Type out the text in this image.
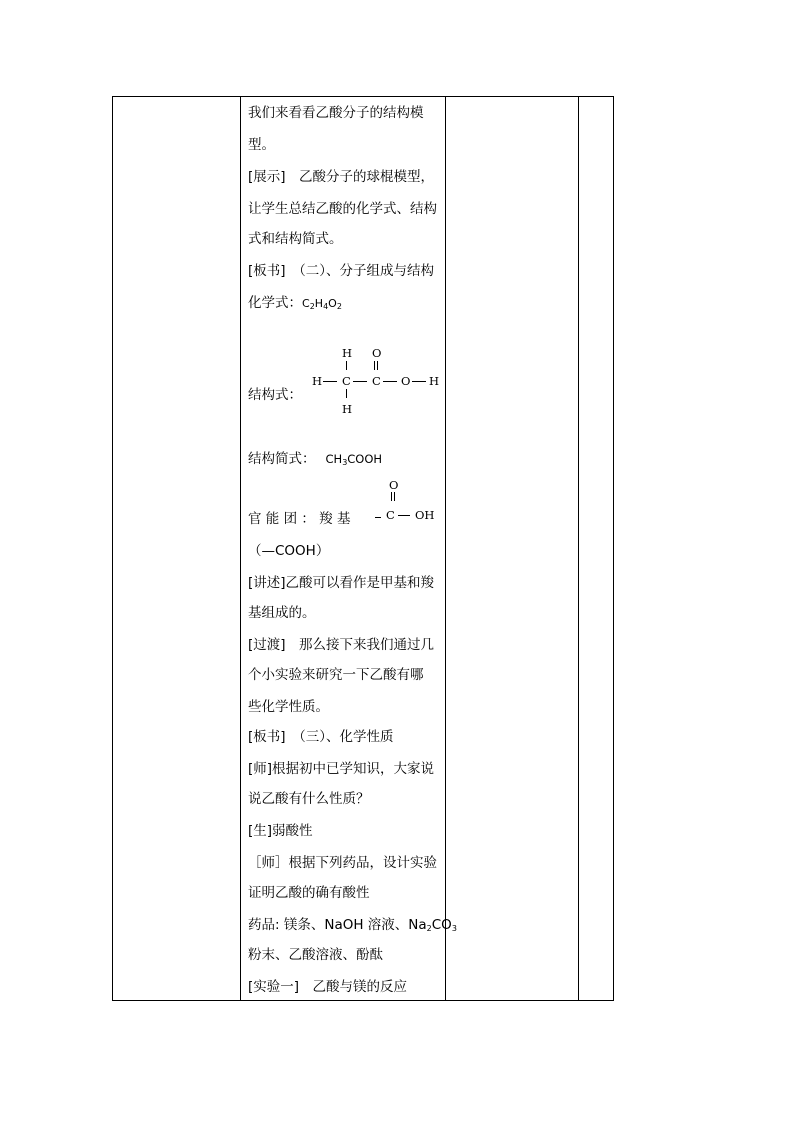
我们来看看乙酸分子的结构模
型。
[展示]　乙酸分子的球棍模型，
让学生总结乙酸的化学式、结构
式和结构简式。
[板书]　（二）、分子组成与结构
化学式：$C_2H_4O_2$
结构式：
结构简式： $CH_3COOH$
官 能 团 ： 羧 基
（—COOH）
[讲述]乙酸可以看作是甲基和羧
基组成的。
[过渡]　那么接下来我们通过几
个小实验来研究一下乙酸有哪
些化学性质。
[板书]　（三）、化学性质
[师]根据初中已学知识，大家说
说乙酸有什么性质？
[生]弱酸性
［师］根据下列药品，设计实验
证明乙酸的确有酸性
药品: 镁条、NaOH 溶液、$Na_2CO_3$
粉末、乙酸溶液、酚酞
[实验一]　乙酸与镁的反应
H O
H C C O H
H
O
C OH
